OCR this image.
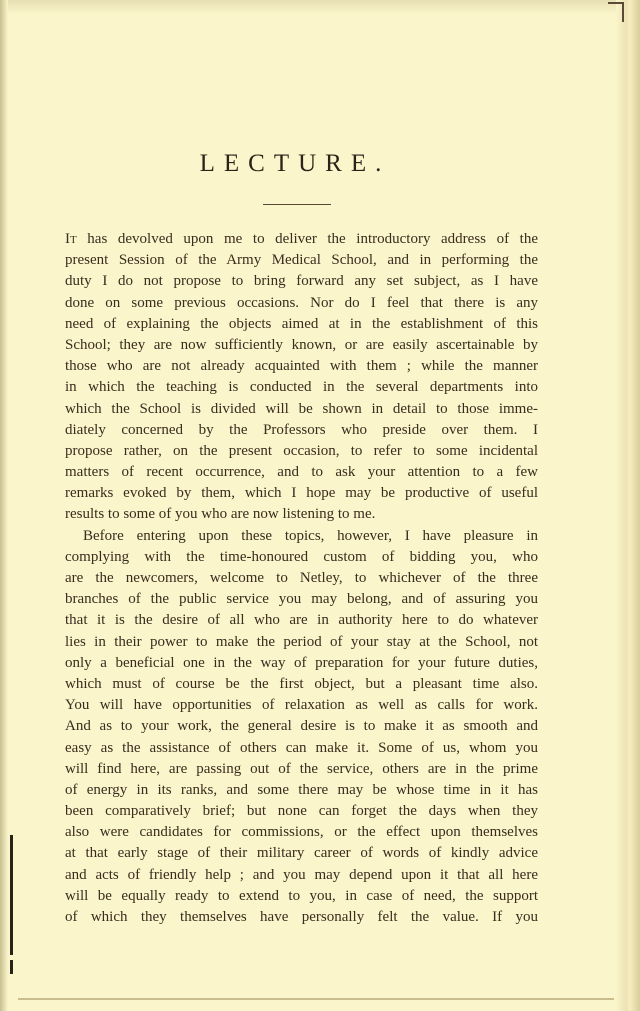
LECTURE.

It has devolved upon me to deliver the introductory address of the
present Session of the Army Medical School, and in performing the
duty I do not propose to bring forward any set subject, as I have
done on some previous occasions. Nor do I feel that there is any
need of explaining the objects aimed at in the establishment of this
School; they are now sufficiently known, or are easily ascertainable by
those who are not already acquainted with them ; while the manner
in which the teaching is conducted in the several departments into
which the School is divided will be shown in detail to those imme-
diately concerned by the Professors who preside over them. I
propose rather, on the present occasion, to refer to some incidental
matters of recent occurrence, and to ask your attention to a few
remarks evoked by them, which I hope may be productive of useful
results to some of you who are now listening to me.

Before entering upon these topics, however, I have pleasure in
complying with the time-honoured custom of bidding you, who
are the newcomers, welcome to Netley, to whichever of the three
branches of the public service you may belong, and of assuring you
that it is the desire of all who are in authority here to do whatever
lies in their power to make the period of your stay at the School, not
only a beneficial one in the way of preparation for your future duties,
which must of course be the first object, but a pleasant time also.
You will have opportunities of relaxation as well as calls for work.
And as to your work, the general desire is to make it as smooth and
easy as the assistance of others can make it. Some of us, whom you
will find here, are passing out of the service, others are in the prime
of energy in its ranks, and some there may be whose time in it has
been comparatively brief; but none can forget the days when they
also were candidates for commissions, or the effect upon themselves
at that early stage of their military career of words of kindly advice
and acts of friendly help ; and you may depend upon it that all here
will be equally ready to extend to you, in case of need, the support
of which they themselves have personally felt the value. If you
